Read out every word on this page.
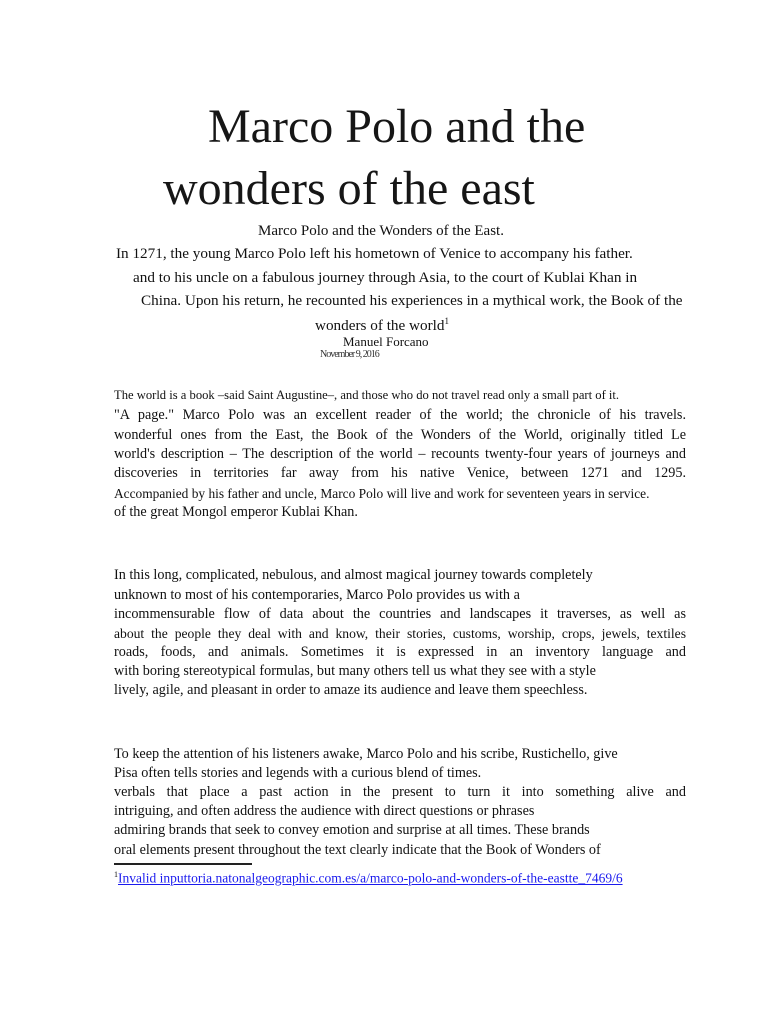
Marco Polo and the
wonders of the east
Marco Polo and the Wonders of the East.
In 1271, the young Marco Polo left his hometown of Venice to accompany his father.
and to his uncle on a fabulous journey through Asia, to the court of Kublai Khan in
China. Upon his return, he recounted his experiences in a mythical work, the Book of the
wonders of the world$^1$
Manuel Forcano
November 9, 2016
The world is a book –said Saint Augustine–, and those who do not travel read only a small part of it.
"A page." Marco Polo was an excellent reader of the world; the chronicle of his travels.
wonderful ones from the East, the Book of the Wonders of the World, originally titled Le
world's description – The description of the world – recounts twenty-four years of journeys and
discoveries in territories far away from his native Venice, between 1271 and 1295.
Accompanied by his father and uncle, Marco Polo will live and work for seventeen years in service.
of the great Mongol emperor Kublai Khan.
In this long, complicated, nebulous, and almost magical journey towards completely
unknown to most of his contemporaries, Marco Polo provides us with a
incommensurable flow of data about the countries and landscapes it traverses, as well as
about the people they deal with and know, their stories, customs, worship, crops, jewels, textiles
roads, foods, and animals. Sometimes it is expressed in an inventory language and
with boring stereotypical formulas, but many others tell us what they see with a style
lively, agile, and pleasant in order to amaze its audience and leave them speechless.
To keep the attention of his listeners awake, Marco Polo and his scribe, Rustichello, give
Pisa often tells stories and legends with a curious blend of times.
verbals that place a past action in the present to turn it into something alive and
intriguing, and often address the audience with direct questions or phrases
admiring brands that seek to convey emotion and surprise at all times. These brands
oral elements present throughout the text clearly indicate that the Book of Wonders of
$^1$Invalid inputtoria.natonalgeographic.com.es/a/marco-polo-and-wonders-of-the-eastte_7469/6
